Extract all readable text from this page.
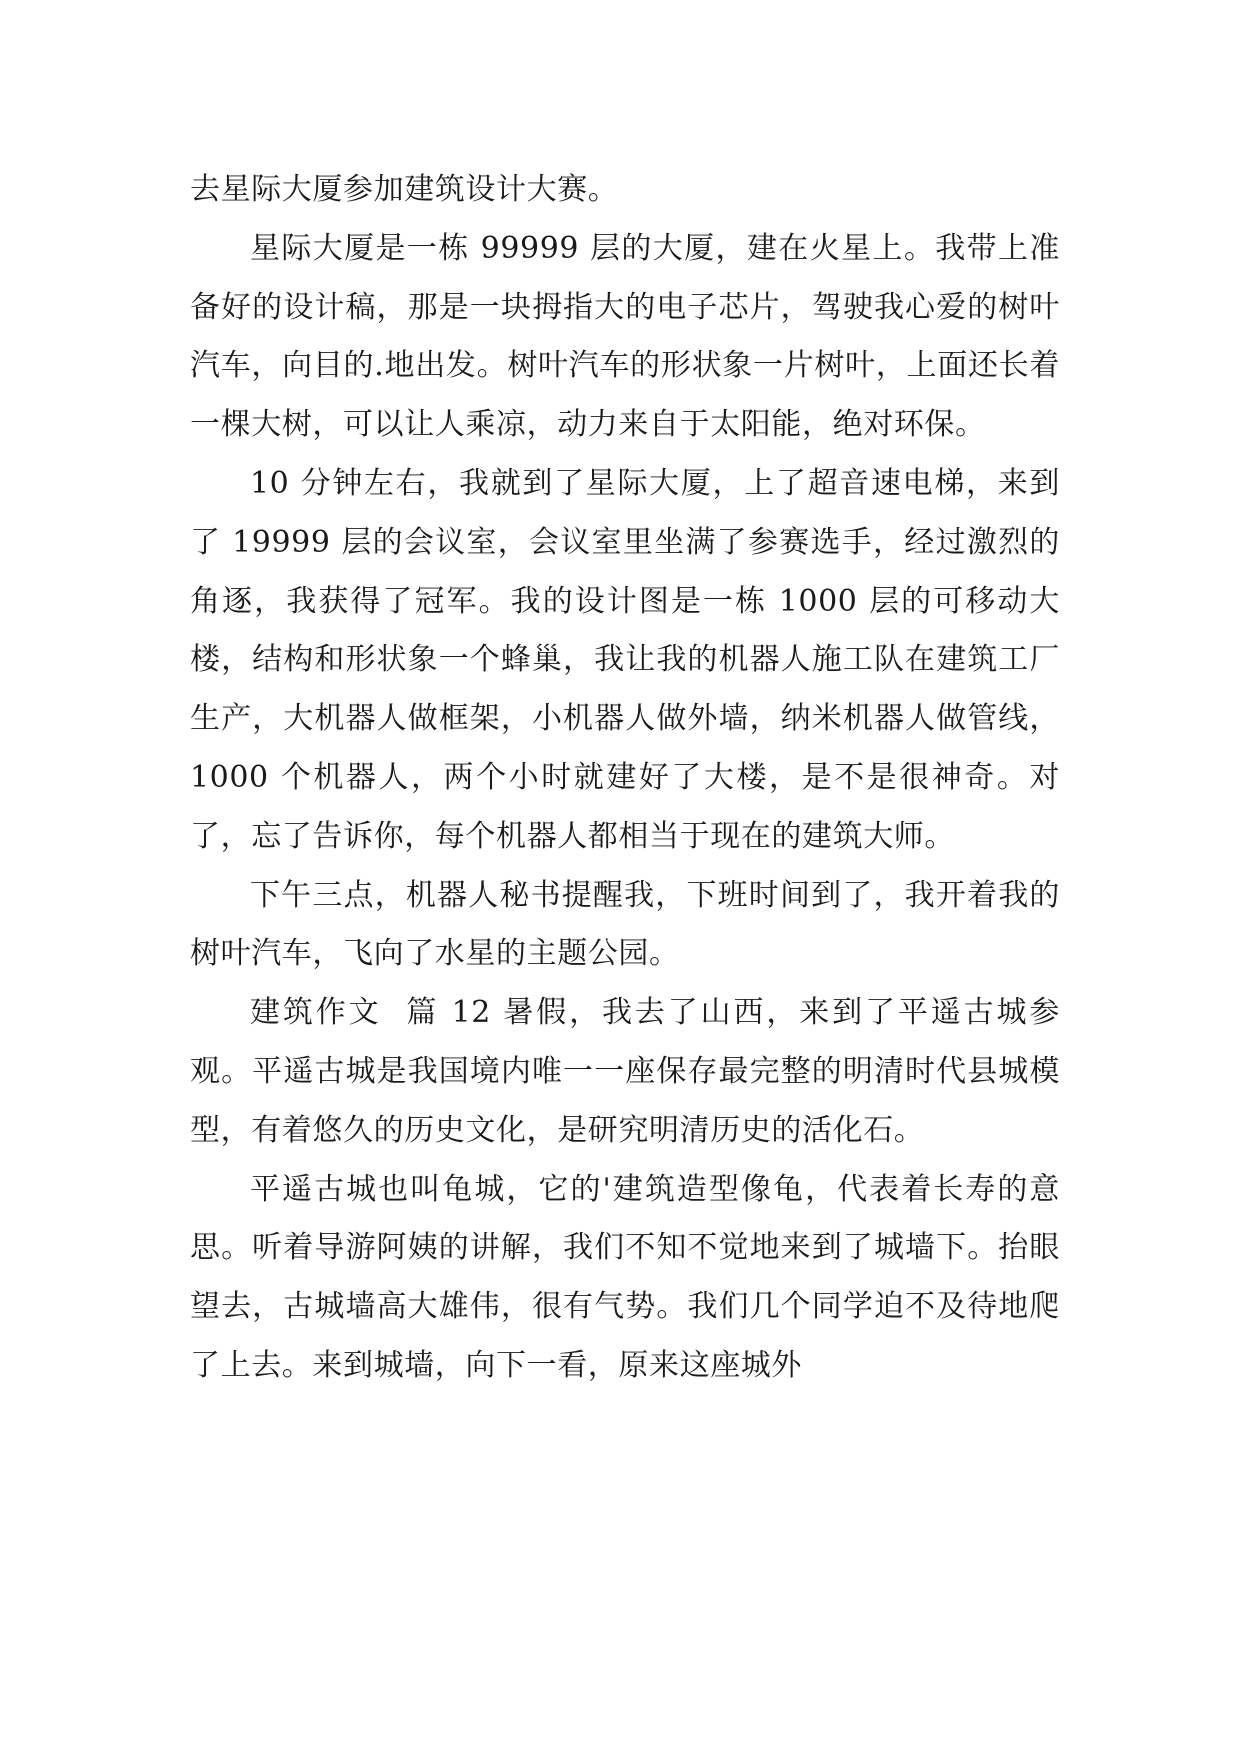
去星际大厦参加建筑设计大赛。

星际大厦是一栋 99999 层的大厦，建在火星上。我带上准备好的设计稿，那是一块拇指大的电子芯片，驾驶我心爱的树叶汽车，向目的.地出发。树叶汽车的形状象一片树叶，上面还长着一棵大树，可以让人乘凉，动力来自于太阳能，绝对环保。

10 分钟左右，我就到了星际大厦，上了超音速电梯，来到了 19999 层的会议室，会议室里坐满了参赛选手，经过激烈的角逐，我获得了冠军。我的设计图是一栋 1000 层的可移动大楼，结构和形状象一个蜂巢，我让我的机器人施工队在建筑工厂生产，大机器人做框架，小机器人做外墙，纳米机器人做管线，1000 个机器人，两个小时就建好了大楼，是不是很神奇。对了，忘了告诉你，每个机器人都相当于现在的建筑大师。

下午三点，机器人秘书提醒我，下班时间到了，我开着我的树叶汽车，飞向了水星的主题公园。

建筑作文  篇 12 暑假，我去了山西，来到了平遥古城参观。平遥古城是我国境内唯一一座保存最完整的明清时代县城模型，有着悠久的历史文化，是研究明清历史的活化石。

平遥古城也叫龟城，它的'建筑造型像龟，代表着长寿的意思。听着导游阿姨的讲解，我们不知不觉地来到了城墙下。抬眼望去，古城墙高大雄伟，很有气势。我们几个同学迫不及待地爬了上去。来到城墙，向下一看，原来这座城外
